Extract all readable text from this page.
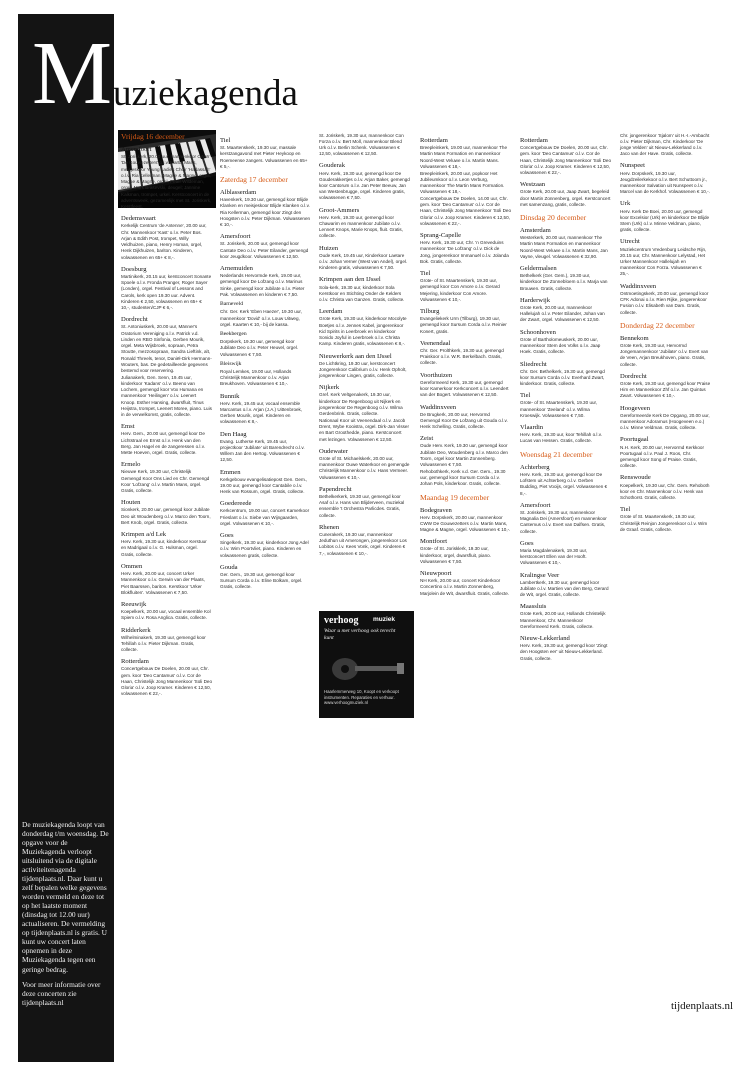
De muziekagenda loopt van donderdag t/m woensdag. De opgave voor de Muziekagenda verloopt uitsluitend via de digitale activiteitenagenda tijdenplaats.nl. Daar kunt u zelf bepalen welke gegevens worden vermeld en deze tot op het laatste moment (dinsdag tot 12.00 uur) actualiseren. De vermelding op tijdenplaats.nl is gratis. U kunt uw concert laten opnemen in deze Muziekagenda tegen een geringe bedrag.

Voor meer informatie over deze concerten zie tijdenplaats.nl

M uziekagenda
Vrijdag 16 december
Amersfoort
St. Joriskerk, 20.00 uur, mannenkoor CWW 'De Gouwezetters' o.l.v. Martin Mans, meisjeskoor Young Ladies Choir 'Hadassah' o.l.v. Ria Kellerman, Magne & Magne, orgel, Magne & Magne, orgel, Peter Wildeman, orgel, Mark Brasevski, deugel; Jannine Kalkman, trompet, urkel. Kerstconcert in de adventsweek, gezamenlijk met St. Joriskerk, Kerstfeest.
Dedemsvaart
Kerkelijk Centrum 'de Antenne', 20.00 uur, Chr. Mannenkoor 'Kast' o.l.v. Peter Bos. Arjan & Edith Post, trompet, Willy Veldhuizen, piano, Henry Homan, orgel, Henk Dijkhuizen, bariton. Kinderen, volwassenen en 65+ € 8,-.
Doesburg
Martinikerk, 20.15 uur, kerstconcert Sonante Spoele o.l.v. Fronda Pranger, Roger Sayer (Londen), orgel. Festival of Lessons and Carols, kerk open 19.30 uur. Advent. Kinderen € 2,50, volwassenen en 65+ € 10,-, studenten/CJP € 6,-.
Dordrecht
St. Antoniuskerk, 20.00 uur, Männer's Oratorium Vereniging o.l.v. Patrick v.d. Linden en RBO Sinfonia, Gerben Mourik, orgel. Meta Wijsbroek, sopraan, Petra Stoutte, mezzosopraan, Sandra Lieftink, alt, Ronald Threels, tenor, Daniël-Dirk Hermann-Wouters, bas. De gedetailleerde gegevens bestemd voor reservering.
Julianakerk, Gen. Senn, 19.45 uur, kinderkoor 'Kadans' o.l.v. Beeno van Lochem, gemengd koor Vox Humana en mannenkoor 'Heilingen' o.l.v. Leenert Knoop. Esther Hansing, dwarsfluit, Tinus Heijstra, trompet, Leenert Moree, piano. Luis in de verwelkomst, gratis, collecte.
Emst
Herv. Gem., 20.00 uur, gemengd koor De Lichtstraal en Ernst o.l.v. Henk van den Berg. Jan Hagel en de zangeressen o.l.v. Mette Hoeven, orgel. Gratis, collecte.
Ermelo
Nieuwe Kerk, 19.30 uur, Christelijk Gemengd Koor Ons Lied en Chr. Gemengd Koor 'Lofzang' o.l.v. Martin Mans, orgel. Gratis, collecte.
Houten
Sionkerk, 20.00 uur, gemengd koor Jubilate Deo uit Woudenberg o.l.v. Marco den Toorn, Bert Knob, orgel. Gratis, collecte.
Krimpen a/d Lek
Herv. Kerk, 19.30 uur, kinderkoor Kerstuur en Madrigaal o.l.v. G. Hulsman, orgel. Gratis, collecte.
Ommen
Herv. Kerk, 20.00 uur, concert Urker Mannenkoor o.l.v. Gerwin van der Plaats, Piet Baarssen, bariton. Kerstkoor 'Urker Blokfluiten'. Volwassenen € 7,50.
Reeuwijk
Koepelkerk, 20.00 uur, vocaal ensemble Kol Spiem o.l.v. Rosa Anglica. Gratis, collecte.
Ridderkerk
Wilhelminakerk, 19.30 uur, gemengd koor Tehillah o.l.v. Pieter Dijkman. Gratis, collecte.
Rotterdam
Concertgebouw De Doelen, 20.00 uur, Chr. gem. koor 'Deo Cantamus' o.l.v. Cor de Haan, Christelijk Jong Mannenkoor 'Soli Deo Gloria' o.l.v. Joop Kramer. Kinderen € 12,50, volwassenen € 22,-.
Tiel
St. Maartenskerk, 19.30 uur, massale kerstzangavond met Pieter Heykoop en Roemeense zangers. Volwassenen en 65+ € 5,-.
Zaterdag 17 december
Alblasserdam
Havenkerk, 19.30 uur, gemengd koor Blijde Klanken en meisjeskoor Blijde Klanken o.l.v. Ria Kellerman, gemengd koor Zingt den Hoogsten o.l.v. Peter Dijkman. Volwassenen € 10,-.
Amersfoort
St. Joriskerk, 20.00 uur, gemengd koor Cantate Deo o.l.v. Peter Eilander, gemengd koor Jeugdkoor. Volwassenen € 12,50.
Arnemuiden
Nederlands Hervormde Kerk, 19.00 uur, gemengd koor De Lofzang o.l.v. Marinus Sinke, gemengd koor Jubilate o.l.v. Pieter Pak. Volwassenen en kinderen € 7,50.
Barneveld
Chr. Ger. Kerk 'Eben Haezer', 19.30 uur, mannenkoor 'Dovid' o.l.v. Louw Uitweg, orgel. Kaarten € 10,- bij de kassa.
Beekbergen
Dorpskerk, 19.30 uur, gemengd koor Jubilate Deo o.l.v. Peter Heuvel, orgel. Volwassenen € 7,50.
Bleiswijk
Royal Lemkes, 19.00 uur, Hollands Christelijk Mannenkoor o.l.v. Arjan Breukhoven. Volwassenen € 10,-.
Bunnik
Herv. Kerk, 19.45 uur, vocaal ensemble Marcantus o.l.v. Arjan (J.A.) Uittenbroek, Gerben Mourik, orgel. Kinderen en volwassenen € 8,-.
Den Haag
Evang. Lutherse Kerk, 19.45 uur, projectkoor 'Jubilate' uit Barendrecht o.l.v. Willem Jan den Hertog. Volwassenen € 12,50.
Emmen
Kerkgebouw evangelisatiepost Gen. Gem., 19.00 uur, gemengd koor Cantabile o.l.v. Henk van Rossum, orgel. Gratis, collecte.
Goedereede
Kerkcentrum, 19.00 uur, concert Kamerkoor Frieslant o.l.v. Siebe van Wijngaarden, orgel. Volwassenen € 10,-.
Goes
Singelkerk, 19.30 uur, kinderkoor Jong Adel o.l.v. Wim Poortvliet, piano. Kinderen en volwassenen gratis, collecte.
Gouda
Ger. Gem., 19.30 uur, gemengd koor Sursum Corda o.l.v. Eline Bolkam, orgel. Gratis, collecte.
St. Joriskerk, 19.30 uur, mannenkoor Con Forza o.l.v. Bert Moll, mannenkoor Blend Urk o.l.v. Berlin Schenk. Volwassenen € 12,50, volwassenen € 12,50.
Gouderak
Herv. Kerk, 19.30 uur, gemengd koor De Gouderakkertjes o.l.v. Arjan Baker, gemengd koor Cantorum o.l.v. Jan Peter Beeuw, Jan van Westenbrugge, orgel. Kinderen gratis, volwassenen € 7,50.
Groot-Ammers
Herv. Kerk, 19.30 uur, gemengd koor Chawarim en mannenkoor Jubilate o.l.v. Lennert Knops, Marie Knops, fluit. Gratis, collecte.
Huizen
Oude Kerk, 19.45 uur, Kinderkoor Laetare o.l.v. Johan Verner (West van Andel), orgel. Kinderen gratis, volwassenen € 7,50.
Krimpen aan den IJssel
Sola-kerk, 19.30 uur, kinderkoor Sola Kerstkoor en Stichting Onder de Kelders o.l.v. Christa van Ganzen. Gratis, collecte.
Leerdam
Grote Kerk, 19.30 uur, kinderkoor Mocolyte Boetjes o.l.v. Jennes Kabel, jongerenkoor Kid Spirits in Leerbroek en kinderkoor Sonido Joyful in Leerbroek o.l.v. Christa Kamp. Kinderen gratis, volwassenen € 8,-.
Nieuwerkerk aan den IJssel
De Lichtkring, 19.30 uur, kerstconcert Jongerenkoor Calibrium o.l.v. Henk Opholt, jongerenkoor Lingen, gratis, collecte.
Nijkerk
Gref. Kerk Veltgenakerk, 19.30 uur, kinderkoor De Regenboog uit Nijkerk en jongerenkoor De Regenboog o.l.v. Wilma Gerdenbrink. Gratis, collecte.
Nationaal Koor uit Veenendaal o.l.v. Jacob Drent, Wybe Kooistra, orgel. Dirk-Jan Visser en Bart Groothedde, piano. Kerstconcert met lezingen. Volwassenen € 12,50.
Oudewater
Grote of St. Michaelskerk, 20.00 uur, mannenkoor Ouwe Waterkoor en gemengde Christelijk Mannenkoor o.l.v. Hans Vermeer. Volwassenen € 10,-.
Papendrecht
Bethelkerkerk, 19.30 uur, gemengd koor Asaf o.l.v. Hans van Blijderveen, muziekal ensemble 't Orchestra Parlicdes. Gratis, collecte.
Rhenen
Cunerakerk, 19.30 uur, mannenkoor Jeduthun uit Amerongen, jongerenkoor Los Lobitos o.l.v. Kees Vonk, orgel. Kinderen € 7,-, volwassenen € 10,-.
Rotterdam
Breepleinkerk, 19.00 uur, mannenkoor The Martin Mans Formation en mannenkoor Noord-West Veluwe o.l.v. Martin Mans. Volwassenen € 18,-.
Breepleinkerk, 20.00 uur, popkoor Het Jubileumkoor o.l.v. Leon Verburg, mannenkoor The Martin Mans Formation. Volwassenen € 18,-.
Concertgebouw De Doelen, 14.00 uur, Chr. gem. koor 'Deo Cantamus' o.l.v. Cor de Haan, Christelijk Jong Mannenkoor 'Soli Deo Gloria' o.l.v. Joop Kramer. Kinderen € 12,50, volwassenen € 22,-.
Sprang-Capelle
Herv. Kerk, 19.30 uur, Chr. 'n Greveduins mannenkoor 'De Lofzang' o.l.v. Dick de Jong, jongerenkoor Immanuël o.l.v. Jolanda Bok. Gratis, collecte.
Tiel
Grote- of St. Maartenskerk, 19.30 uur, gemengd koor Con Amore o.l.v. Gerard Mejering, kinderkoor Con Amore. Volwassenen € 10,-.
Tilburg
Evangeliekerk Urm (Tilburg), 19.30 uur, gemengd koor Sursum Corda o.l.v. Reinier Konert, gratis.
Veenendaal
Chr. Ger. Prolthkerk, 19.30 uur, gemengd Praiskoor o.l.v. W.R. Berkelbach. Gratis, collecte.
Voorthuizen
Gereformeerd Kerk, 19.30 uur, gemengd koor Kamerkoor Kerkconcert o.l.v. Leendert van der Bogert. Volwassenen € 12,50.
Waddinxveen
De Brugkerk, 20.00 uur, Hervormd Gemengd Koor De Lofzang uit Gouda o.l.v. Henk Schelling. Gratis, collecte.
Zeist
Oude Herv. Kerk, 19.30 uur, gemengd koor Jubilate Deo, Woudenberg o.l.v. Marco den Toorn, orgel koor Martin Zonnenberg. Volwassenen € 7,50.
Rehobothkerk, Kerk v.d. Ger. Gem., 19.30 uur, gemengd koor Sursum Corda o.l.v. Johan Pols, kinderkoor. Gratis, collecte.
Maandag 19 december
Bodegraven
Herv. Dorpskerk, 20.00 uur, mannenkoor CWW De Gouwezetters o.l.v. Martin Mans, Magne & Magne, orgel. Volwassenen € 10,-.
Montfoort
Grote- of St. Jorisklerk, 19.30 uur, kinderkoor, orgel, dwarsfluit, piano. Volwassenen € 7,50.
Nieuwpoort
NH Kerk, 20.00 uur, concert Kinderkoor Concertino o.l.v. Martin Zonnenberg, Marjolein de Wit, dwarsfluit. Gratis, collecte.
Rotterdam
Concertgebouw De Doelen, 20.00 uur, Chr. gem. koor 'Deo Cantamus' o.l.v. Cor de Haan, Christelijk Jong Mannenkoor 'Soli Deo Gloria' o.l.v. Joop Kramer. Kinderen € 12,50, volwassenen € 22,-.
Westzaan
Grote Kerk, 20.00 uur, Jaap Zwart, begeleid door Martin Zonnenberg, orgel. Kerstconcert met samenzang, gratis, collecte.
Dinsdag 20 december
Amsterdam
Westerkerk, 20.00 uur, mannenkoor The Martin Mans Formation en mannenkoor Noord-West Veluwe o.l.v. Martin Mans, Jan Vayne, vleugel. Volwassenen € 32,90.
Geldermalsen
Bethelkerk (Ger. Gem.), 19.30 uur, kinderkoor De Zonnebloem o.l.v. Marja van Brouwen. Gratis, collecte.
Harderwijk
Grote Kerk, 20.00 uur, mannenkoor Hallelujah o.l.v. Peter Eilander, Johan van der Zwart, orgel. Volwassenen € 12,50.
Schoonhoven
Grote of Bartholomeuskerk, 20.00 uur, mannenkoor Stem des Volks o.l.v. Jaap Hoek. Gratis, collecte.
Sliedrecht
Chr. Ger. Bethelkerk, 19.30 uur, gemengd koor Sursum Corda o.l.v. Everhard Zwart, kinderkoor. Gratis, collecte.
Tiel
Grote- of St. Maartenskerk, 19.30 uur, mannenkoor 'Zeeland' o.l.v. Wilma Kroeswijk. Volwassenen € 7,50.
Vlaardin
Herv. Kerk, 19.30 uur, koor Tehillah o.l.v. Lucas van Hessen. Gratis, collecte.
Woensdag 21 december
Achterberg
Herv. Kerk, 19.30 uur, gemengd koor De Lofstem uit Achterberg o.l.v. Gerben Budding, Piet Vooijs, orgel. Volwassenen € 8,-.
Amersfoort
St. Joriskerk, 19.30 uur, mannenkoor Magnalia Dei (Amersfoort) en mannenkoor Cantemus o.l.v. Evert van Dalfsen. Gratis, collecte.
Goes
Maria Magdalenakerk, 19.30 uur, kerstconcert Ellen van der Hooft. Volwassenen € 10,-.
Kralingse Veer
Lambertkerk, 19.30 uur, gemengd koor Jubilate o.l.v. Martien van den Berg, Gerard de Wit, orgel. Gratis, collecte.
Maassluis
Grote Kerk, 20.00 uur, Hollands Christelijk Mannenkoor, Chr. Mannenkoor Gereformeerd Kerk. Gratis, collecte.
Nieuw-Lekkerland
Herv. Kerk, 19.30 uur, gemengd koor 'Zingt den Hoogsten eer' uit Nieuw-Lekkerland. Gratis, collecte.
Chr. jongerenkoor 'Sjalom' uit H.-I.-Ambacht o.l.v. Pieter Dijkman, Chr. Kinderkoor 'De jonge Velden' uit Nieuw-Lekkerland o.l.v. Jaco van der Have. Gratis, collecte.
Nunspeet
Herv. Dorpskerk, 19.30 uur, Jeugdzeilerkekoor o.l.v. Bert Schuttoorn jr., mannenkoor Salvation uit Nunspeet o.l.v. Marcel van de Kerkhof. Volwassenen € 10,-.
Urk
Herv. Kerk De Boei, 20.00 uur, gemengd koor Excelsior (Urk) en kinderkoor De Blijde Stem (Urk) o.l.v. Minne Veldman, piano, gratis, collecte.
Utrecht
Muziekcentrum Vredenburg Leidsche Rijn, 20.15 uur, Chr. Mannenkoor Lelystad, Het Urker Mannenkoor Hallelujah en mannenkoor Con Forza. Volwassenen € 25,-.
Waddinxveen
Ontmoetingskerk, 20.00 uur, gemengd koor CFK Adonai o.l.v. Rien Rijke, jongerenkoor Fusion o.l.v. Elisabeth van Dam. Gratis, collecte.
Donderdag 22 december
Bennekom
Grote Kerk, 19.30 uur, Hervormd Jongemannenkoor 'Jubilate' o.l.v. Evert van de Veen, Arjan Breukhoven, piano. Gratis, collecte.
Dordrecht
Grote Kerk, 19.30 uur, gemengd koor Praise Him en Mannenkoor Zhf o.l.v. Jan Quintus Zwart. Volwassenen € 10,-.
Hoogeveen
Gereformeerde Kerk De Opgang, 20.00 uur, mannenkoor Adoramus (Hoogeveen e.o.) o.l.v. Minne Veldman. Gratis, collecte.
Poortugaal
N.H. Kerk, 20.00 uur, Hervormd Kerkkoor Poortugaal o.l.v. Paul J. Roos, Chr. gemengd koor Song of Praise. Gratis, collecte.
Renswoude
Koepelkerk, 19.30 uur, Chr. Gem. Rehoboth koor en Chr. Mannenkoor o.l.v. Henk van Schothorst. Gratis, collecte.
Tiel
Grote of St. Maartenskerk, 19.30 uur, Christelijk Reinjon Jongerenkoor o.l.v. Wim de Graaf. Gratis, collecte.
verhoog muziek
Waar u met verhoog ook terecht kunt
Haarlemmerweg 10, Koopt en verkoopt instrumenten. Reparaties en verhuur. www.verhoogmuziek.nl
tijdenplaats.nl
